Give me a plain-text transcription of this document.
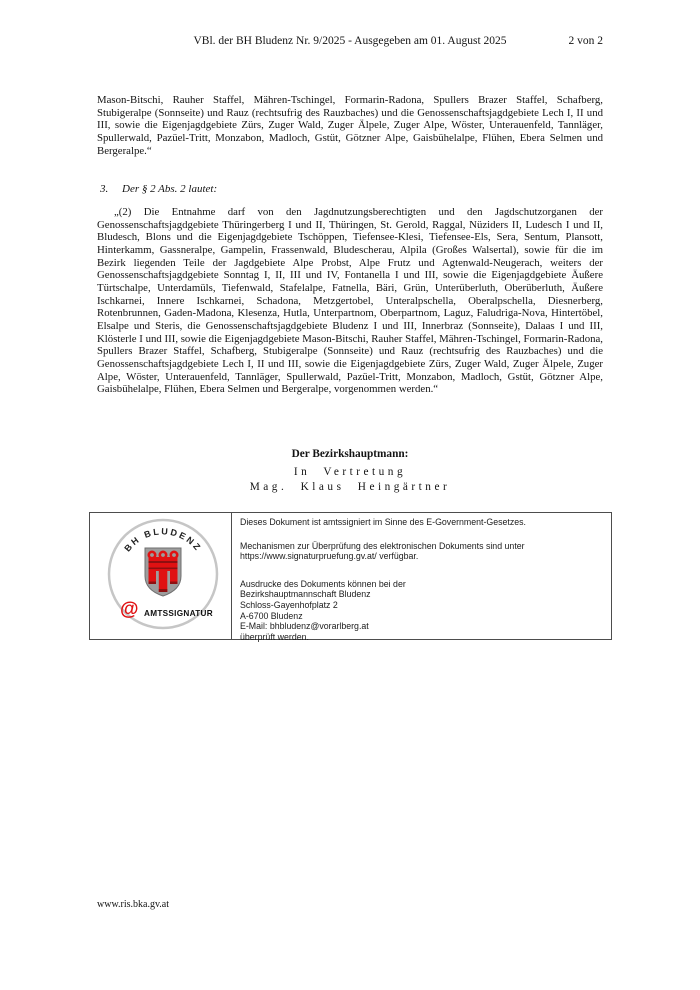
VBl. der BH Bludenz Nr. 9/2025 - Ausgegeben am 01. August 2025	2 von 2
Mason-Bitschi, Rauher Staffel, Mähren-Tschingel, Formarin-Radona, Spullers Brazer Staffel, Schafberg, Stubigeralpe (Sonnseite) und Rauz (rechtsufrig des Rauzbaches) und die Genossenschaftsjagdgebiete Lech I, II und III, sowie die Eigenjagdgebiete Zürs, Zuger Wald, Zuger Älpele, Zuger Alpe, Wöster, Unterauenfeld, Tannläger, Spullerwald, Pazüel-Tritt, Monzabon, Madloch, Gstüt, Götzner Alpe, Gaisbühelalpe, Flühen, Ebera Selmen und Bergeralpe.“
3. Der § 2 Abs. 2 lautet:
„(2) Die Entnahme darf von den Jagdnutzungsberechtigten und den Jagdschutzorganen der Genossenschaftsjagdgebiete Thüringerberg I und II, Thüringen, St. Gerold, Raggal, Nüziders II, Ludesch I und II, Bludesch, Blons und die Eigenjagdgebiete Tschöppen, Tiefensee-Klesi, Tiefensee-Els, Sera, Sentum, Plansott, Hinterkamm, Gassneralpe, Gampelin, Frassenwald, Bludescherau, Alpila (Großes Walsertal), sowie für die im Bezirk liegenden Teile der Jagdgebiete Alpe Probst, Alpe Frutz und Agtenwald-Neugerach, weiters der Genossenschaftsjagdgebiete Sonntag I, II, III und IV, Fontanella I und III, sowie die Eigenjagdgebiete Äußere Türtschalpe, Unterdamüls, Tiefenwald, Stafelalpe, Fatnella, Bäri, Grün, Unterüberluth, Oberüberluth, Äußere Ischkarnei, Innere Ischkarnei, Schadona, Metzgertobel, Unteralpschella, Oberalpschella, Diesnerberg, Rotenbrunnen, Gaden-Madona, Klesenza, Hutla, Unterpartnom, Oberpartnom, Laguz, Faludriga-Nova, Hintertöbel, Elsalpe und Steris, die Genossenschaftsjagdgebiete Bludenz I und III, Innerbraz (Sonnseite), Dalaas I und III, Klösterle I und III, sowie die Eigenjagdgebiete Mason-Bitschi, Rauher Staffel, Mähren-Tschingel, Formarin-Radona, Spullers Brazer Staffel, Schafberg, Stubigeralpe (Sonnseite) und Rauz (rechtsufrig des Rauzbaches) und die Genossenschaftsjagdgebiete Lech I, II und III, sowie die Eigenjagdgebiete Zürs, Zuger Wald, Zuger Älpele, Zuger Alpe, Wöster, Unterauenfeld, Tannläger, Spullerwald, Pazüel-Tritt, Monzabon, Madloch, Gstüt, Götzner Alpe, Gaisbühelalpe, Flühen, Ebera Selmen und Bergeralpe, vorgenommen werden.“
Der Bezirkshauptmann:
In Vertretung
Mag. Klaus Heingärtner
BH BLUDENZ
@ AMTSSIGNATUR
Dieses Dokument ist amtssigniert im Sinne des E-Government-Gesetzes.
Mechanismen zur Überprüfung des elektronischen Dokuments sind unter
https://www.signaturpruefung.gv.at/ verfügbar.
Ausdrucke des Dokuments können bei der
Bezirkshauptmannschaft Bludenz
Schloss-Gayenhofplatz 2
A-6700 Bludenz
E-Mail: bhbludenz@vorarlberg.at
überprüft werden.
www.ris.bka.gv.at
